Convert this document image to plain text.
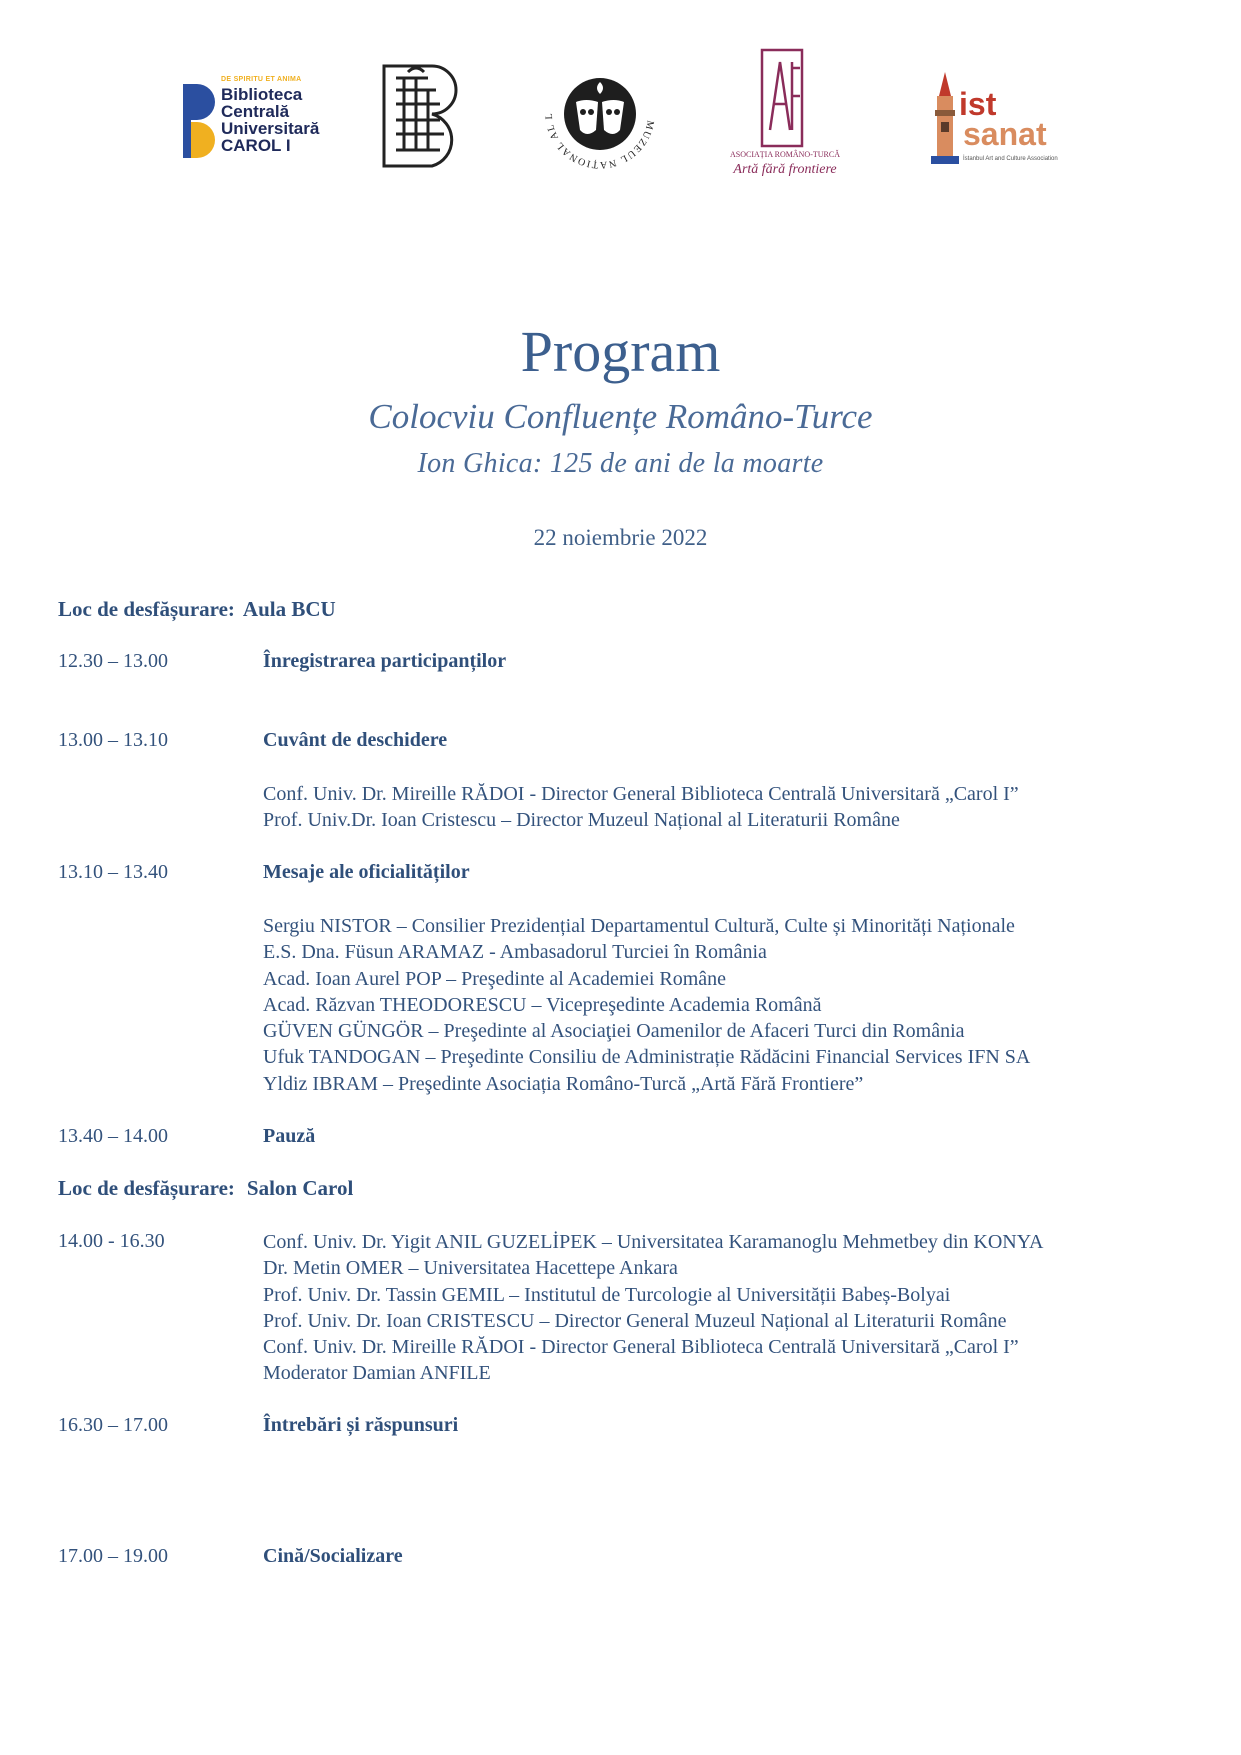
DE SPIRITU ET ANIMA
Biblioteca
Centrală
Universitară
CAROL I
MUZEUL NAȚIONAL AL L
ASOCIAȚIA ROMÂNO-TURCĂ
Artă fără frontiere
ist
sanat
İstanbul Art and Culture Association
Program
Colocviu Confluențe Româno-Turce
Ion Ghica: 125 de ani de la moarte
22 noiembrie 2022
Loc de desfășurare: Aula BCU
12.30 – 13.00	Înregistrarea participanților
13.00 – 13.10	Cuvânt de deschidere
Conf. Univ. Dr. Mireille RĂDOI - Director General Biblioteca Centrală Universitară „Carol I”
Prof. Univ.Dr. Ioan Cristescu – Director Muzeul Național al Literaturii Române
13.10 – 13.40	Mesaje ale oficialităților
Sergiu NISTOR – Consilier Prezidențial Departamentul Cultură, Culte și Minorități Naționale
E.S. Dna. Füsun ARAMAZ - Ambasadorul Turciei în România
Acad. Ioan Aurel POP – Preşedinte al Academiei Române
Acad. Răzvan THEODORESCU – Vicepreşedinte Academia Română
GÜVEN GÜNGÖR – Preşedinte al Asociaţiei Oamenilor de Afaceri Turci din România
Ufuk TANDOGAN – Preşedinte Consiliu de Administrație Rădăcini Financial Services IFN SA
Yldiz IBRAM – Preşedinte Asociația Româno-Turcă „Artă Fără Frontiere”
13.40 – 14.00	Pauză
Loc de desfășurare: Salon Carol
14.00 - 16.30	Conf. Univ. Dr. Yigit ANIL GUZELİPEK – Universitatea Karamanoglu Mehmetbey din KONYA
Dr. Metin OMER – Universitatea Hacettepe Ankara
Prof. Univ. Dr. Tassin GEMIL – Institutul de Turcologie al Universității Babeș-Bolyai
Prof. Univ. Dr. Ioan CRISTESCU – Director General Muzeul Național al Literaturii Române
Conf. Univ. Dr. Mireille RĂDOI - Director General Biblioteca Centrală Universitară „Carol I”
Moderator Damian ANFILE
16.30 – 17.00	Întrebări și răspunsuri
17.00 – 19.00	Cină/Socializare
